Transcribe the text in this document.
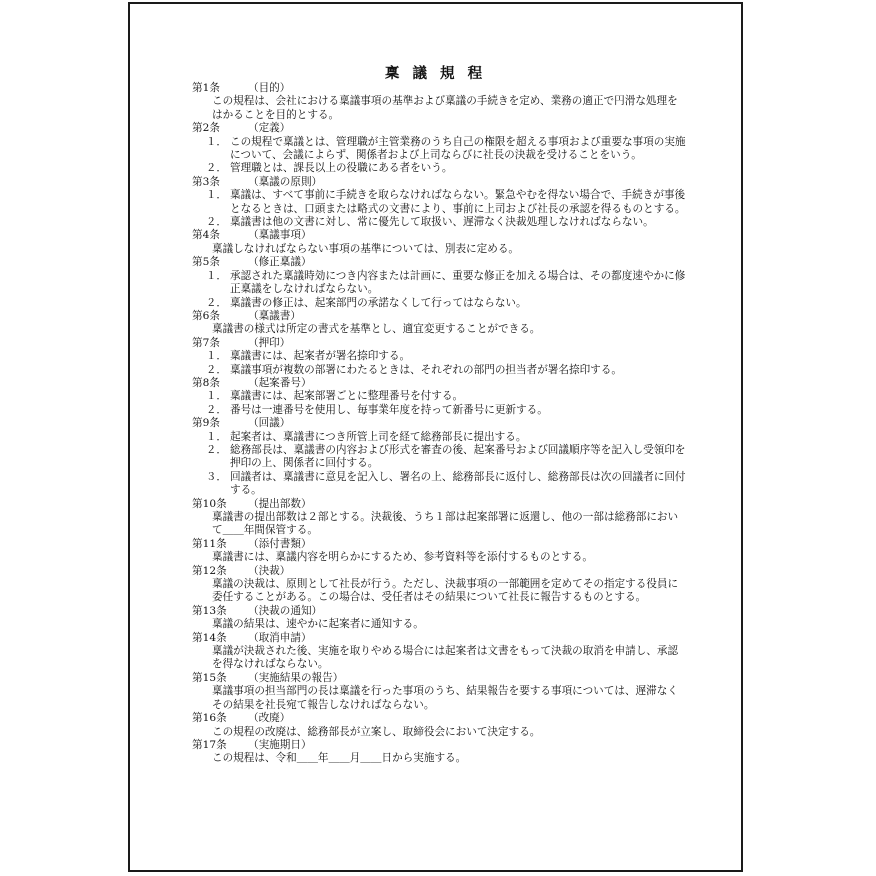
稟 議 規 程
第1条	（目的）
この規程は、会社における稟議事項の基準および稟議の手続きを定め、業務の適正で円滑な処理をはかることを目的とする。
第2条	（定義）
１． この規程で稟議とは、管理職が主管業務のうち自己の権限を超える事項および重要な事項の実施について、会議によらず、関係者および上司ならびに社長の決裁を受けることをいう。
２． 管理職とは、課長以上の役職にある者をいう。
第3条	（稟議の原則）
１． 稟議は、すべて事前に手続きを取らなければならない。緊急やむを得ない場合で、手続きが事後となるときは、口頭または略式の文書により、事前に上司および社長の承認を得るものとする。
２． 稟議書は他の文書に対し、常に優先して取扱い、遅滞なく決裁処理しなければならない。
第4条	（稟議事項）
稟議しなければならない事項の基準については、別表に定める。
第5条	（修正稟議）
１． 承認された稟議時効につき内容または計画に、重要な修正を加える場合は、その都度速やかに修正稟議をしなければならない。
２． 稟議書の修正は、起案部門の承諾なくして行ってはならない。
第6条	（稟議書）
稟議書の様式は所定の書式を基準とし、適宜変更することができる。
第7条	（押印）
１． 稟議書には、起案者が署名捺印する。
２． 稟議事項が複数の部署にわたるときは、それぞれの部門の担当者が署名捺印する。
第8条	（起案番号）
１． 稟議書には、起案部署ごとに整理番号を付する。
２． 番号は一連番号を使用し、毎事業年度を持って新番号に更新する。
第9条	（回議）
１． 起案者は、稟議書につき所管上司を経て総務部長に提出する。
２． 総務部長は、稟議書の内容および形式を審査の後、起案番号および回議順序等を記入し受領印を押印の上、関係者に回付する。
３． 回議者は、稟議書に意見を記入し、署名の上、総務部長に返付し、総務部長は次の回議者に回付する。
第10条	（提出部数）
稟議書の提出部数は２部とする。決裁後、うち１部は起案部署に返還し、他の一部は総務部において＿＿年間保管する。
第11条	（添付書類）
稟議書には、稟議内容を明らかにするため、参考資料等を添付するものとする。
第12条	（決裁）
稟議の決裁は、原則として社長が行う。ただし、決裁事項の一部範囲を定めてその指定する役員に委任することがある。この場合は、受任者はその結果について社長に報告するものとする。
第13条	（決裁の通知）
稟議の結果は、速やかに起案者に通知する。
第14条	（取消申請）
稟議が決裁された後、実施を取りやめる場合には起案者は文書をもって決裁の取消を申請し、承認を得なければならない。
第15条	（実施結果の報告）
稟議事項の担当部門の長は稟議を行った事項のうち、結果報告を要する事項については、遅滞なくその結果を社長宛て報告しなければならない。
第16条	（改廃）
この規程の改廃は、総務部長が立案し、取締役会において決定する。
第17条	（実施期日）
この規程は、令和＿＿年＿＿月＿＿日から実施する。
